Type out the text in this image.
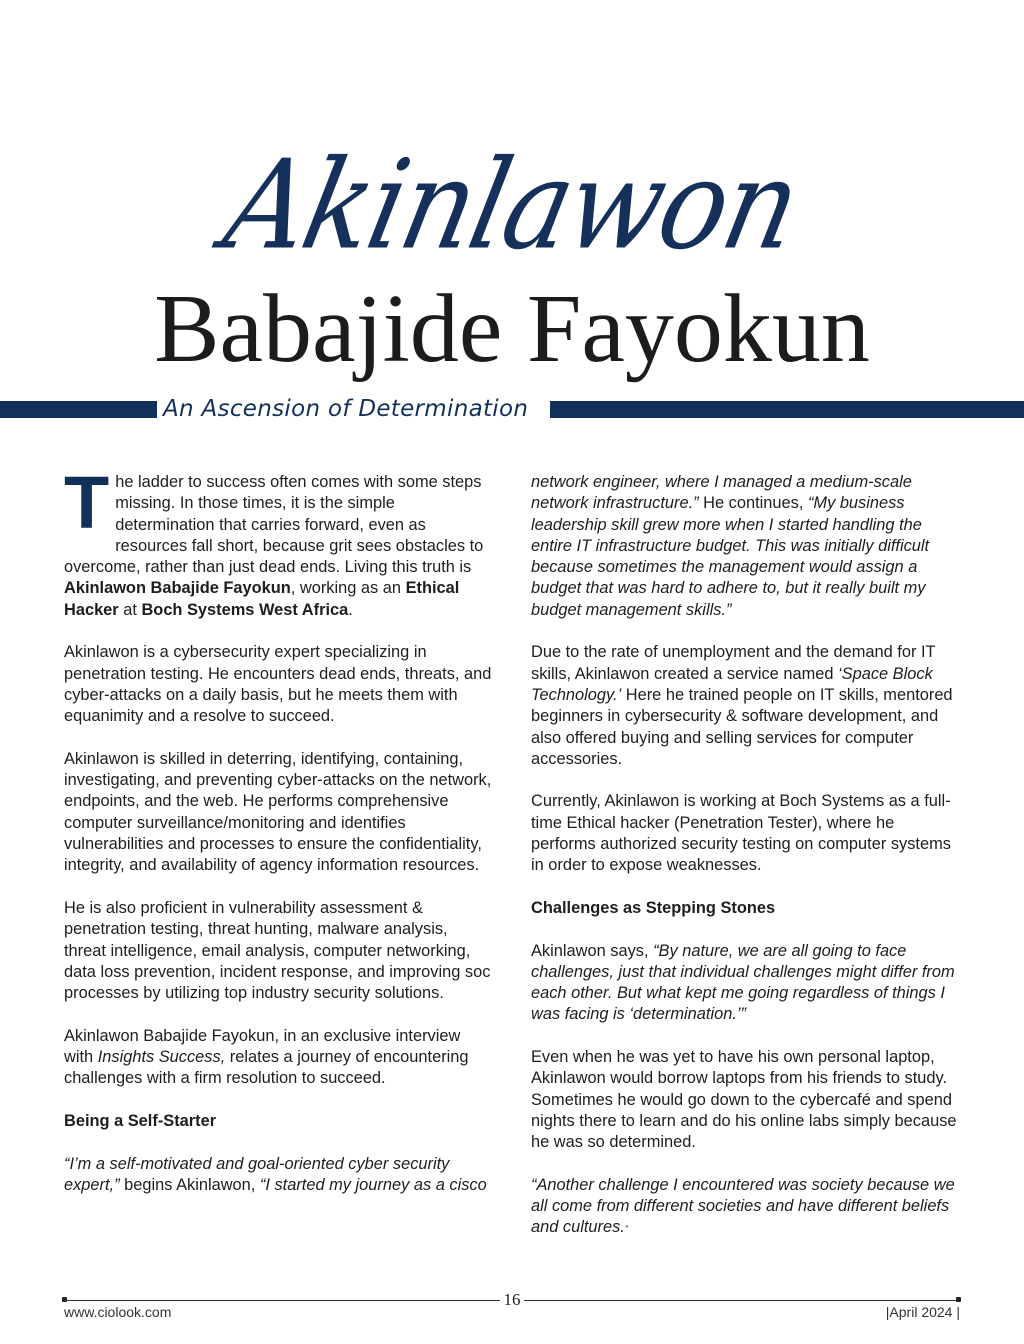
Akinlawon
Babajide Fayokun
An Ascension of Determination

The ladder to success often comes with some steps missing. In those times, it is the simple determination that carries forward, even as resources fall short, because grit sees obstacles to overcome, rather than just dead ends. Living this truth is Akinlawon Babajide Fayokun, working as an Ethical Hacker at Boch Systems West Africa.

Akinlawon is a cybersecurity expert specializing in penetration testing. He encounters dead ends, threats, and cyber-attacks on a daily basis, but he meets them with equanimity and a resolve to succeed.

Akinlawon is skilled in deterring, identifying, containing, investigating, and preventing cyber-attacks on the network, endpoints, and the web. He performs comprehensive computer surveillance/monitoring and identifies vulnerabilities and processes to ensure the confidentiality, integrity, and availability of agency information resources.

He is also proficient in vulnerability assessment & penetration testing, threat hunting, malware analysis, threat intelligence, email analysis, computer networking, data loss prevention, incident response, and improving soc processes by utilizing top industry security solutions.

Akinlawon Babajide Fayokun, in an exclusive interview with Insights Success, relates a journey of encountering challenges with a firm resolution to succeed.

Being a Self-Starter

“I’m a self-motivated and goal-oriented cyber security expert,” begins Akinlawon, “I started my journey as a cisco

network engineer, where I managed a medium-scale network infrastructure.” He continues, “My business leadership skill grew more when I started handling the entire IT infrastructure budget. This was initially difficult because sometimes the management would assign a budget that was hard to adhere to, but it really built my budget management skills.”

Due to the rate of unemployment and the demand for IT skills, Akinlawon created a service named ‘Space Block Technology.’ Here he trained people on IT skills, mentored beginners in cybersecurity & software development, and also offered buying and selling services for computer accessories.

Currently, Akinlawon is working at Boch Systems as a full-time Ethical hacker (Penetration Tester), where he performs authorized security testing on computer systems in order to expose weaknesses.

Challenges as Stepping Stones

Akinlawon says, “By nature, we are all going to face challenges, just that individual challenges might differ from each other. But what kept me going regardless of things I was facing is ‘determination.’”

Even when he was yet to have his own personal laptop, Akinlawon would borrow laptops from his friends to study. Sometimes he would go down to the cybercafé and spend nights there to learn and do his online labs simply because he was so determined.

“Another challenge I encountered was society because we all come from different societies and have different beliefs and cultures.”

16
www.ciolook.com	|April 2024 |
